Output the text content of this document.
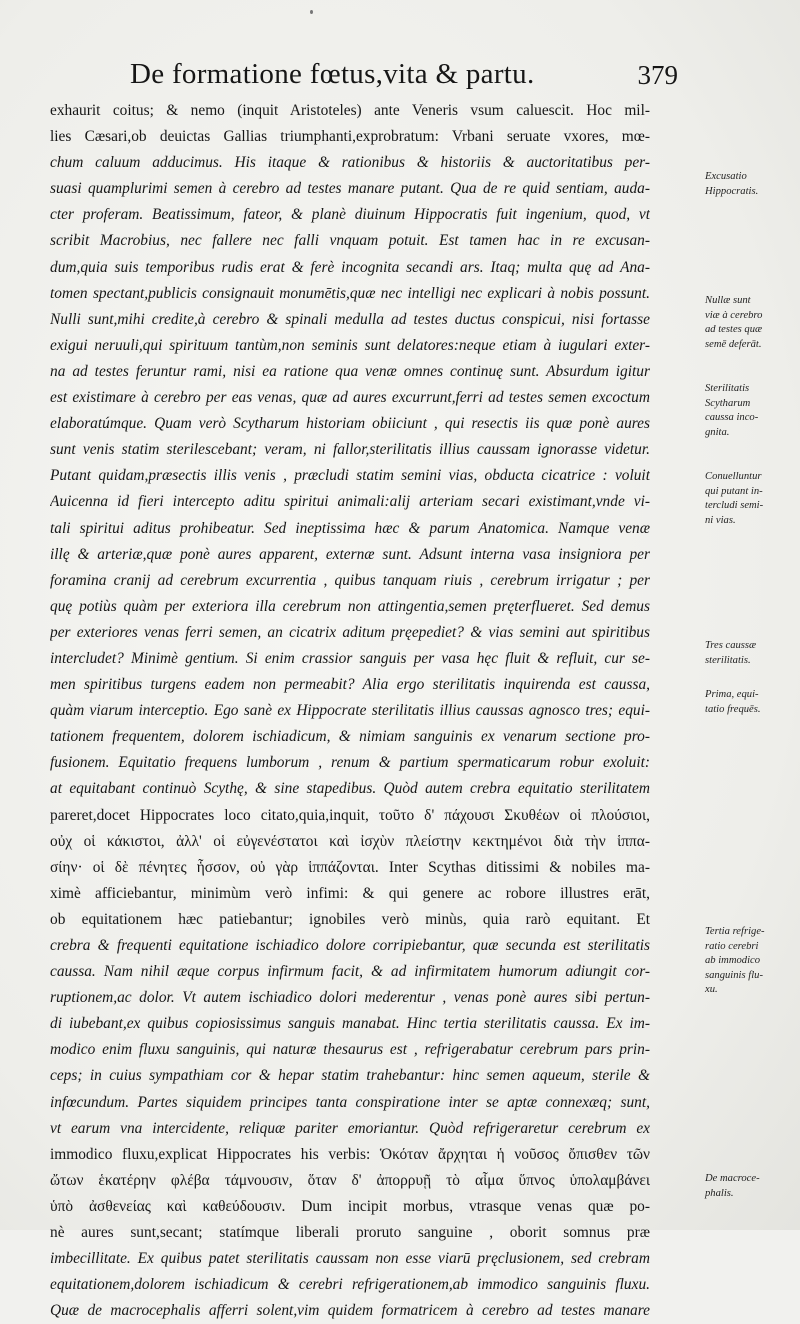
De formatione fœtus,vita & partu.	379
exhaurit coitus; & nemo (inquit Aristoteles) ante Veneris vsum caluescit. Hoc mil-
lies Cæsari,ob deuictas Gallias triumphanti,exprobratum: Vrbani seruate vxores, mœ-
chum caluum adducimus. His itaque & rationibus & historiis & auctoritatibus per-
suasi quamplurimi semen à cerebro ad testes manare putant. Qua de re quid sentiam, auda-
cter proferam. Beatissimum, fateor, & planè diuinum Hippocratis fuit ingenium, quod, vt
scribit Macrobius, nec fallere nec falli vnquam potuit. Est tamen hac in re excusan-
dum,quia suis temporibus rudis erat & ferè incognita secandi ars. Itaq; multa quę ad Ana-
tomen spectant,publicis consignauit monumētis,quæ nec intelligi nec explicari à nobis possunt.
Nulli sunt,mihi credite,à cerebro & spinali medulla ad testes ductus conspicui, nisi fortasse
exigui neruuli,qui spirituum tantùm,non seminis sunt delatores:neque etiam à iugulari exter-
na ad testes feruntur rami, nisi ea ratione qua venæ omnes continuę sunt. Absurdum igitur
est existimare à cerebro per eas venas, quæ ad aures excurrunt,ferri ad testes semen excoctum
elaboratúmque. Quam verò Scytharum historiam obiiciunt , qui resectis iis quæ ponè aures
sunt venis statim sterilescebant; veram, ni fallor,sterilitatis illius caussam ignorasse videtur.
Putant quidam,præsectis illis venis , præcludi statim semini vias, obducta cicatrice : voluit
Auicenna id fieri intercepto aditu spiritui animali:alij arteriam secari existimant,vnde vi-
tali spiritui aditus prohibeatur. Sed ineptissima hæc & parum Anatomica. Namque venæ
illę & arteriæ,quæ ponè aures apparent, externæ sunt. Adsunt interna vasa insigniora per
foramina cranij ad cerebrum excurrentia , quibus tanquam riuis , cerebrum irrigatur ; per
quę potiùs quàm per exteriora illa cerebrum non attingentia,semen pręterflueret. Sed demus
per exteriores venas ferri semen, an cicatrix aditum pręepediet? & vias semini aut spiritibus
intercludet? Minimè gentium. Si enim crassior sanguis per vasa hęc fluit & refluit, cur se-
men spiritibus turgens eadem non permeabit? Alia ergo sterilitatis inquirenda est caussa,
quàm viarum interceptio. Ego sanè ex Hippocrate sterilitatis illius caussas agnosco tres; equi-
tationem frequentem, dolorem ischiadicum, & nimiam sanguinis ex venarum sectione pro-
fusionem. Equitatio frequens lumborum , renum & partium spermaticarum robur exoluit:
at equitabant continuò Scythę, & sine stapedibus. Quòd autem crebra equitatio sterilitatem
pareret,docet Hippocrates loco citato,quia,inquit, τοῦτο δ' πάχουσι Σκυθέων οἱ πλούσιοι,
οὐχ οἱ κάκιστοι, ἀλλ' οἱ εὐγενέστατοι καὶ ἰσχὺν πλείστην κεκτημένοι διὰ τὴν ἱππα-
σίην· οἱ δὲ πένητες ἧσσον, οὐ γὰρ ἱππάζονται. Inter Scythas ditissimi & nobiles ma-
ximè afficiebantur, minimùm verò infimi: & qui genere ac robore illustres erāt,
ob equitationem hæc patiebantur; ignobiles verò minùs, quia rarò equitant. Et
crebra & frequenti equitatione ischiadico dolore corripiebantur, quæ secunda est sterilitatis
caussa. Nam nihil æque corpus infirmum facit, & ad infirmitatem humorum adiungit cor-
ruptionem,ac dolor. Vt autem ischiadico dolori mederentur , venas ponè aures sibi pertun-
di iubebant,ex quibus copiosissimus sanguis manabat. Hinc tertia sterilitatis caussa. Ex im-
modico enim fluxu sanguinis, qui naturæ thesaurus est , refrigerabatur cerebrum pars prin-
ceps; in cuius sympathiam cor & hepar statim trahebantur: hinc semen aqueum, sterile &
infœcundum. Partes siquidem principes tanta conspiratione inter se aptæ connexæq; sunt,
vt earum vna intercidente, reliquæ pariter emoriantur. Quòd refrigeraretur cerebrum ex
immodico fluxu,explicat Hippocrates his verbis: Ὁκόταν ἄρχηται ἡ νοῦσος ὄπισθεν τῶν
ὤτων ἑκατέρην φλέβα τάμνουσιν, ὅταν δ' ἀπορρυῇ τὸ αἷμα ὕπνος ὑπολαμβάνει
ὑπὸ ἀσθενείας καὶ καθεύδουσιν. Dum incipit morbus, vtrasque venas quæ po-
nè aures sunt,secant; statímque liberali proruto sanguine , oborit somnus præ
imbecillitate. Ex quibus patet sterilitatis caussam non esse viarū pręclusionem, sed crebram
equitationem,dolorem ischiadicum & cerebri refrigerationem,ab immodico sanguinis fluxu.
Quæ de macrocephalis afferri solent,vim quidem formatricem à cerebro ad testes manare
Excusatio
Hippocratis.
Nullæ sunt
viæ à cerebro
ad testes quæ
semē deferāt.
Sterilitatis
Scytharum
caussa inco-
gnita.
Conuelluntur
qui putant in-
tercludi semi-
ni vias.
Tres caussæ
sterilitatis.
Prima, equi-
tatio frequēs.
Tertia refrige-
ratio cerebri
ab immodico
sanguinis flu-
xu.
De macroce-
phalis.
